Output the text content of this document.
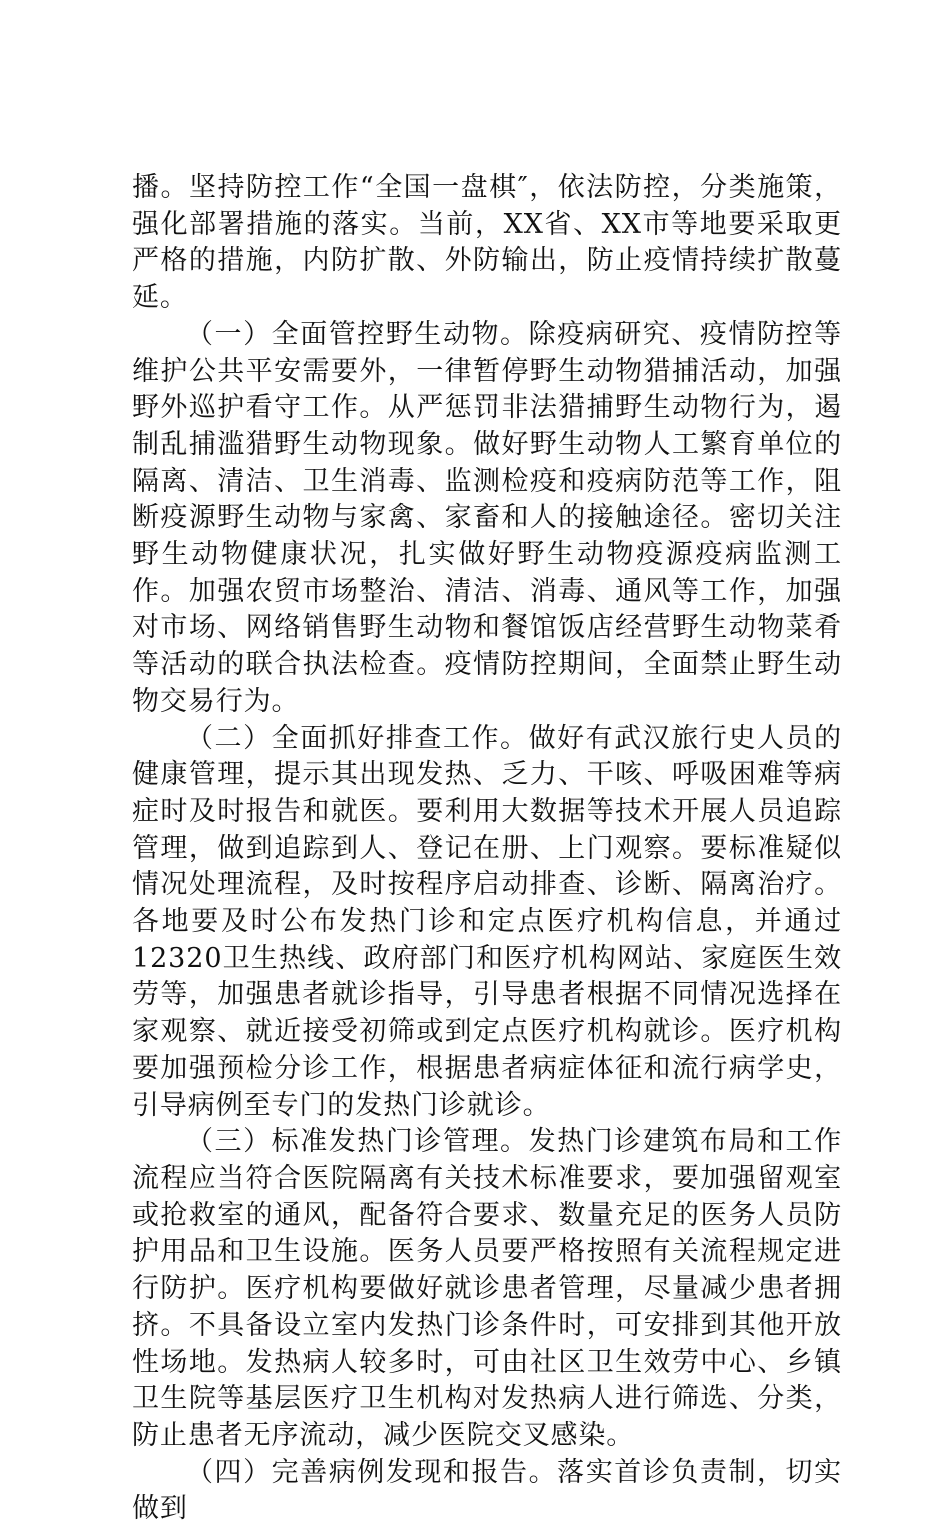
播。坚持防控工作“全国一盘棋″，依法防控，分类施策，强化部署措施的落实。当前，XX省、XX市等地要采取更严格的措施，内防扩散、外防输出，防止疫情持续扩散蔓延。

（一）全面管控野生动物。除疫病研究、疫情防控等维护公共平安需要外，一律暂停野生动物猎捕活动，加强野外巡护看守工作。从严惩罚非法猎捕野生动物行为，遏制乱捕滥猎野生动物现象。做好野生动物人工繁育单位的隔离、清洁、卫生消毒、监测检疫和疫病防范等工作，阻断疫源野生动物与家禽、家畜和人的接触途径。密切关注野生动物健康状况，扎实做好野生动物疫源疫病监测工作。加强农贸市场整治、清洁、消毒、通风等工作，加强对市场、网络销售野生动物和餐馆饭店经营野生动物菜肴等活动的联合执法检查。疫情防控期间，全面禁止野生动物交易行为。

（二）全面抓好排查工作。做好有武汉旅行史人员的健康管理，提示其出现发热、乏力、干咳、呼吸困难等病症时及时报告和就医。要利用大数据等技术开展人员追踪管理，做到追踪到人、登记在册、上门观察。要标准疑似情况处理流程，及时按程序启动排查、诊断、隔离治疗。各地要及时公布发热门诊和定点医疗机构信息，并通过12320卫生热线、政府部门和医疗机构网站、家庭医生效劳等，加强患者就诊指导，引导患者根据不同情况选择在家观察、就近接受初筛或到定点医疗机构就诊。医疗机构要加强预检分诊工作，根据患者病症体征和流行病学史，引导病例至专门的发热门诊就诊。

（三）标准发热门诊管理。发热门诊建筑布局和工作流程应当符合医院隔离有关技术标准要求，要加强留观室或抢救室的通风，配备符合要求、数量充足的医务人员防护用品和卫生设施。医务人员要严格按照有关流程规定进行防护。医疗机构要做好就诊患者管理，尽量减少患者拥挤。不具备设立室内发热门诊条件时，可安排到其他开放性场地。发热病人较多时，可由社区卫生效劳中心、乡镇卫生院等基层医疗卫生机构对发热病人进行筛选、分类，防止患者无序流动，减少医院交叉感染。

（四）完善病例发现和报告。落实首诊负责制，切实做到
